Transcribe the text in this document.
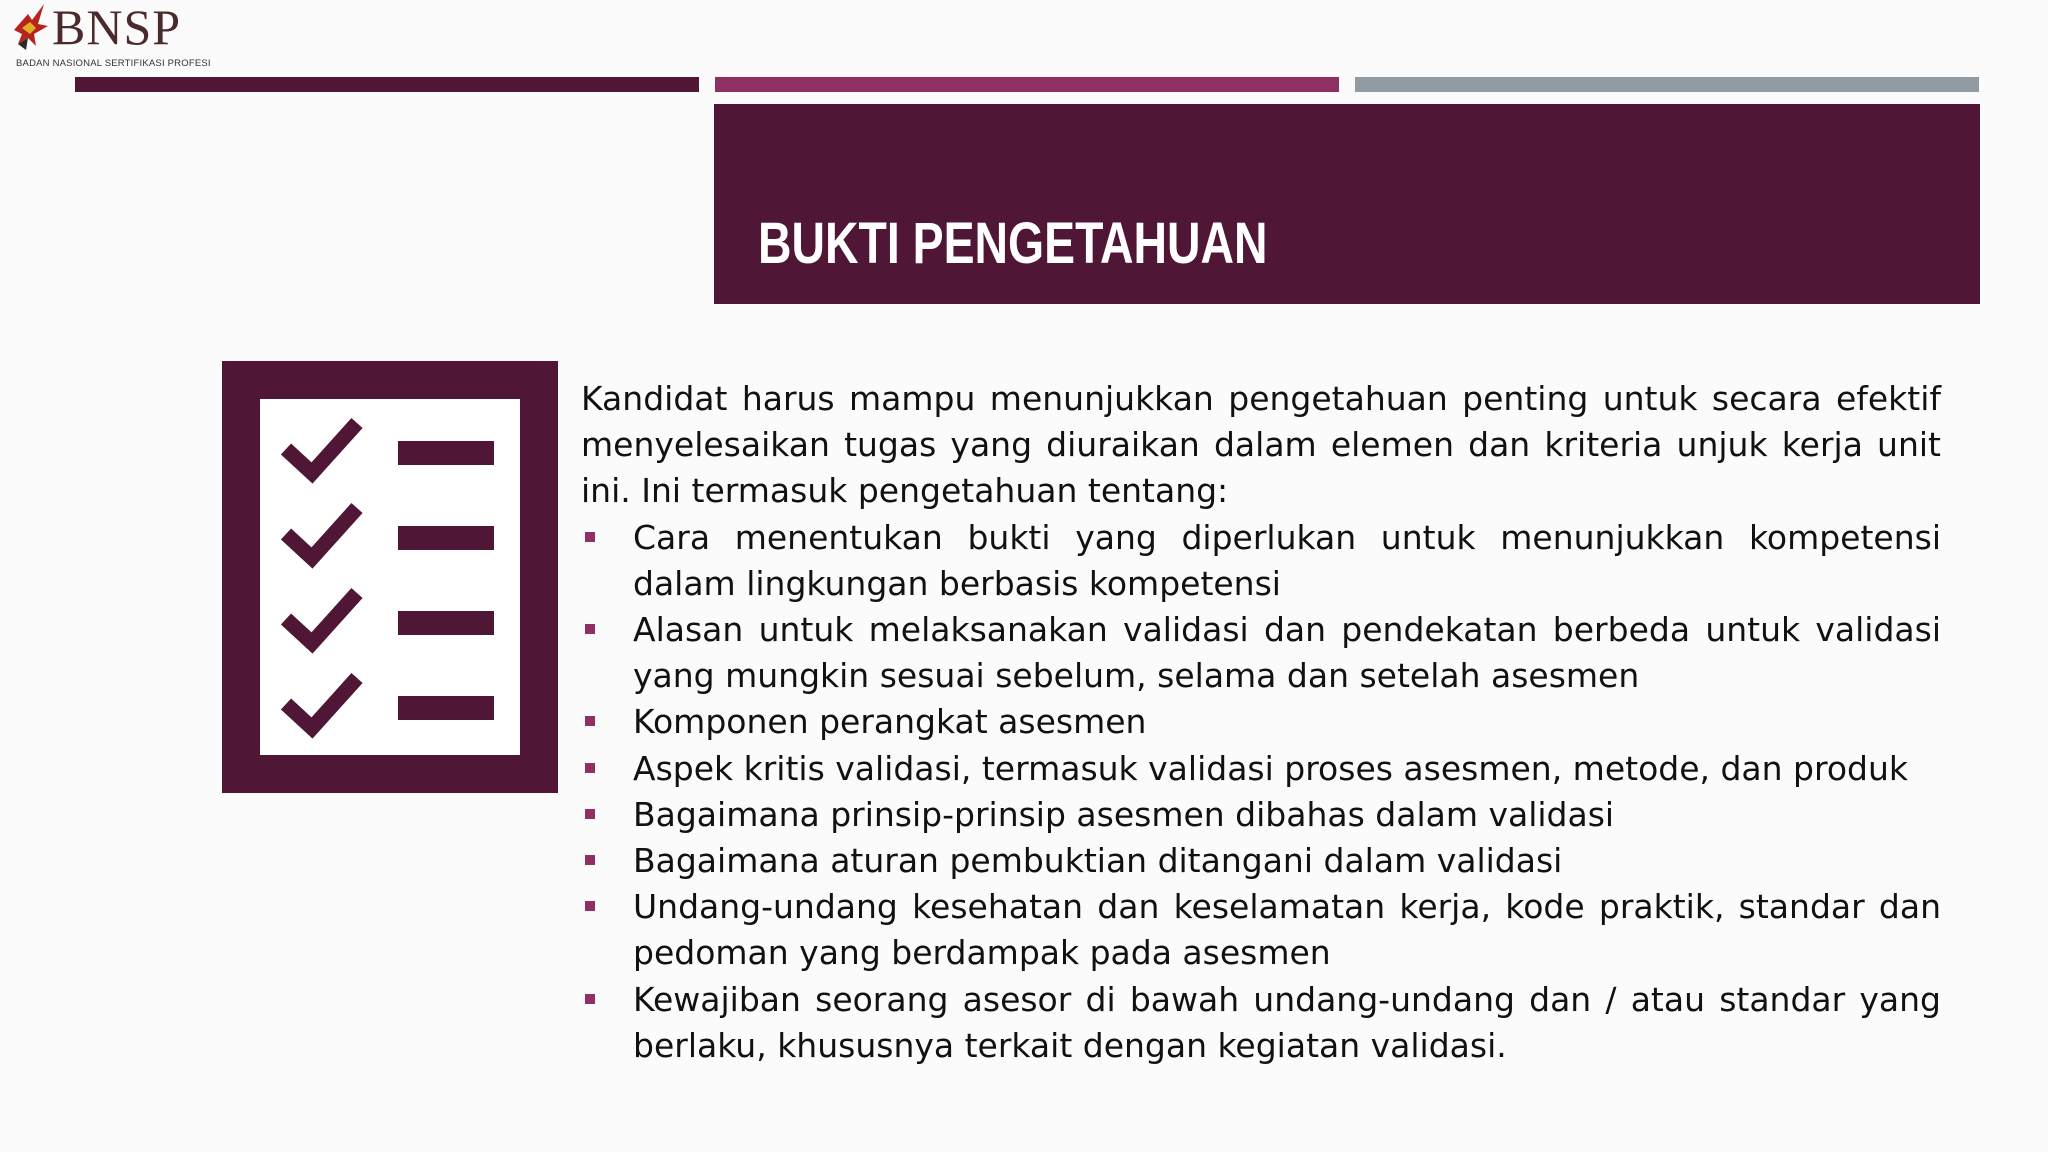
BNSP
BADAN NASIONAL SERTIFIKASI PROFESI
BUKTI PENGETAHUAN

Kandidat harus mampu menunjukkan pengetahuan penting untuk secara efektif menyelesaikan tugas yang diuraikan dalam elemen dan kriteria unjuk kerja unit ini. Ini termasuk pengetahuan tentang:

Cara menentukan bukti yang diperlukan untuk menunjukkan kompetensi dalam lingkungan berbasis kompetensi
Alasan untuk melaksanakan validasi dan pendekatan berbeda untuk validasi yang mungkin sesuai sebelum, selama dan setelah asesmen
Komponen perangkat asesmen
Aspek kritis validasi, termasuk validasi proses asesmen, metode, dan produk
Bagaimana prinsip-prinsip asesmen dibahas dalam validasi
Bagaimana aturan pembuktian ditangani dalam validasi
Undang-undang kesehatan dan keselamatan kerja, kode praktik, standar dan pedoman yang berdampak pada asesmen
Kewajiban seorang asesor di bawah undang-undang dan / atau standar yang berlaku, khususnya terkait dengan kegiatan validasi.
